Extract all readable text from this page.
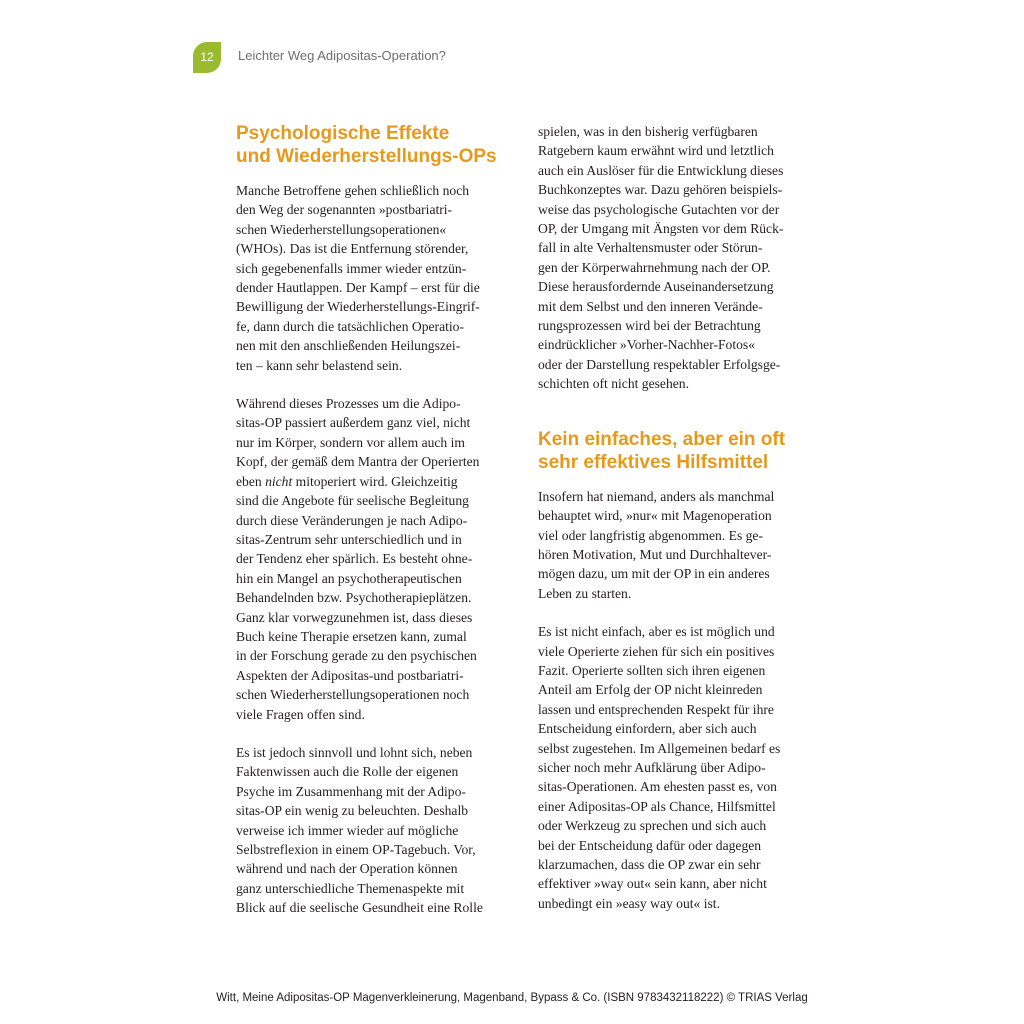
12	Leichter Weg Adipositas-Operation?
Psychologische Effekte
und Wiederherstellungs-OPs

Manche Betroffene gehen schließlich noch
den Weg der sogenannten »postbariatri-
schen Wiederherstellungsoperationen«
(WHOs). Das ist die Entfernung störender,
sich gegebenenfalls immer wieder entzün-
dender Hautlappen. Der Kampf – erst für die
Bewilligung der Wiederherstellungs-Eingrif-
fe, dann durch die tatsächlichen Operatio-
nen mit den anschließenden Heilungszei-
ten – kann sehr belastend sein.

Während dieses Prozesses um die Adipo-
sitas-OP passiert außerdem ganz viel, nicht
nur im Körper, sondern vor allem auch im
Kopf, der gemäß dem Mantra der Operierten
eben nicht mitoperiert wird. Gleichzeitig
sind die Angebote für seelische Begleitung
durch diese Veränderungen je nach Adipo-
sitas-Zentrum sehr unterschiedlich und in
der Tendenz eher spärlich. Es besteht ohne-
hin ein Mangel an psychotherapeutischen
Behandelnden bzw. Psychotherapieplätzen.
Ganz klar vorwegzunehmen ist, dass dieses
Buch keine Therapie ersetzen kann, zumal
in der Forschung gerade zu den psychischen
Aspekten der Adipositas-und postbariatri-
schen Wiederherstellungsoperationen noch
viele Fragen offen sind.

Es ist jedoch sinnvoll und lohnt sich, neben
Faktenwissen auch die Rolle der eigenen
Psyche im Zusammenhang mit der Adipo-
sitas-OP ein wenig zu beleuchten. Deshalb
verweise ich immer wieder auf mögliche
Selbstreflexion in einem OP-Tagebuch. Vor,
während und nach der Operation können
ganz unterschiedliche Themenaspekte mit
Blick auf die seelische Gesundheit eine Rolle

spielen, was in den bisherig verfügbaren
Ratgebern kaum erwähnt wird und letztlich
auch ein Auslöser für die Entwicklung dieses
Buchkonzeptes war. Dazu gehören beispiels-
weise das psychologische Gutachten vor der
OP, der Umgang mit Ängsten vor dem Rück-
fall in alte Verhaltensmuster oder Störun-
gen der Körperwahrnehmung nach der OP.
Diese herausfordernde Auseinandersetzung
mit dem Selbst und den inneren Verände-
rungsprozessen wird bei der Betrachtung
eindrücklicher »Vorher-Nachher-Fotos«
oder der Darstellung respektabler Erfolgsge-
schichten oft nicht gesehen.

Kein einfaches, aber ein oft
sehr effektives Hilfsmittel

Insofern hat niemand, anders als manchmal
behauptet wird, »nur« mit Magenoperation
viel oder langfristig abgenommen. Es ge-
hören Motivation, Mut und Durchhaltever-
mögen dazu, um mit der OP in ein anderes
Leben zu starten.

Es ist nicht einfach, aber es ist möglich und
viele Operierte ziehen für sich ein positives
Fazit. Operierte sollten sich ihren eigenen
Anteil am Erfolg der OP nicht kleinreden
lassen und entsprechenden Respekt für ihre
Entscheidung einfordern, aber sich auch
selbst zugestehen. Im Allgemeinen bedarf es
sicher noch mehr Aufklärung über Adipo-
sitas-Operationen. Am ehesten passt es, von
einer Adipositas-OP als Chance, Hilfsmittel
oder Werkzeug zu sprechen und sich auch
bei der Entscheidung dafür oder dagegen
klarzumachen, dass die OP zwar ein sehr
effektiver »way out« sein kann, aber nicht
unbedingt ein »easy way out« ist.

Witt, Meine Adipositas-OP Magenverkleinerung, Magenband, Bypass & Co. (ISBN 9783432118222) © TRIAS Verlag
